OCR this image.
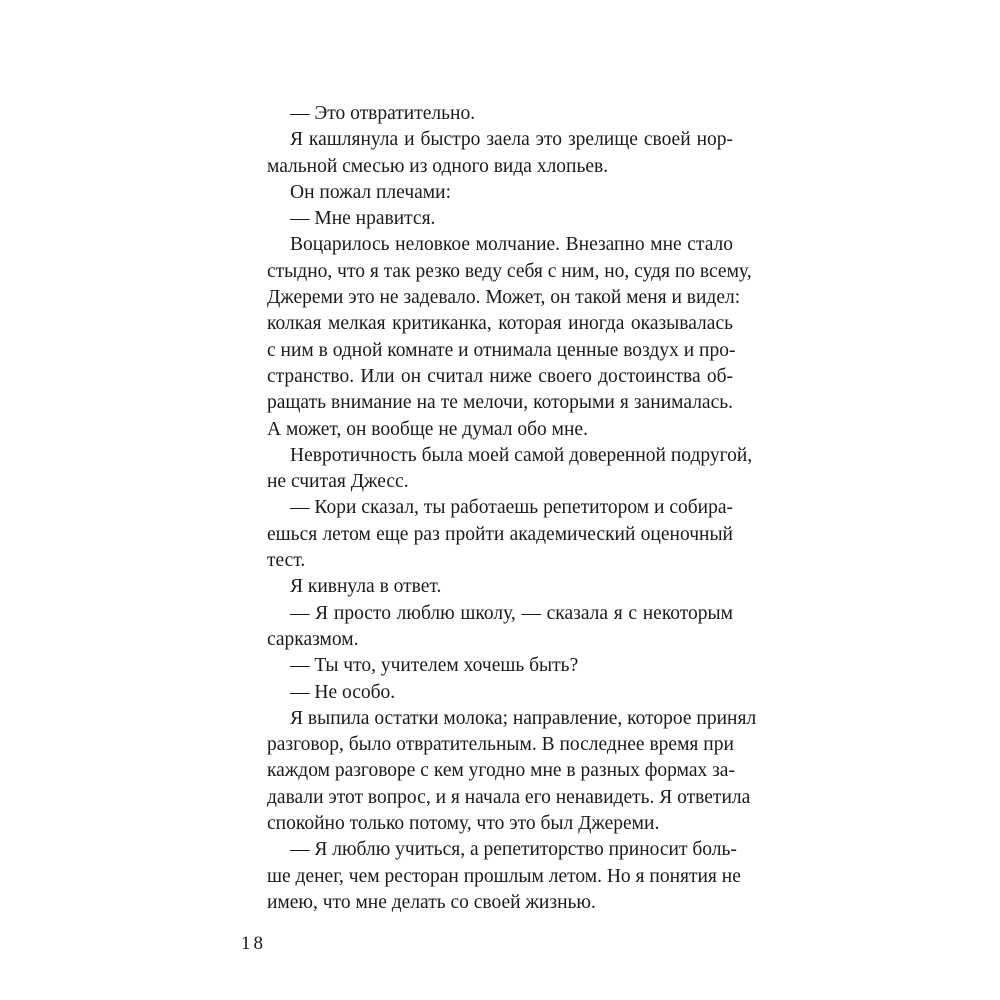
— Это отвратительно.
Я кашлянула и быстро заела это зрелище своей нор-
мальной смесью из одного вида хлопьев.
Он пожал плечами:
— Мне нравится.
Воцарилось неловкое молчание. Внезапно мне стало
стыдно, что я так резко веду себя с ним, но, судя по всему,
Джереми это не задевало. Может, он такой меня и видел:
колкая мелкая критиканка, которая иногда оказывалась
с ним в одной комнате и отнимала ценные воздух и про-
странство. Или он считал ниже своего достоинства об-
ращать внимание на те мелочи, которыми я занималась.
А может, он вообще не думал обо мне.
Невротичность была моей самой доверенной подругой,
не считая Джесс.
— Кори сказал, ты работаешь репетитором и собира-
ешься летом еще раз пройти академический оценочный
тест.
Я кивнула в ответ.
— Я просто люблю школу, — сказала я с некоторым
сарказмом.
— Ты что, учителем хочешь быть?
— Не особо.
Я выпила остатки молока; направление, которое принял
разговор, было отвратительным. В последнее время при
каждом разговоре с кем угодно мне в разных формах за-
давали этот вопрос, и я начала его ненавидеть. Я ответила
спокойно только потому, что это был Джереми.
— Я люблю учиться, а репетиторство приносит боль-
ше денег, чем ресторан прошлым летом. Но я понятия не
имею, что мне делать со своей жизнью.
18
